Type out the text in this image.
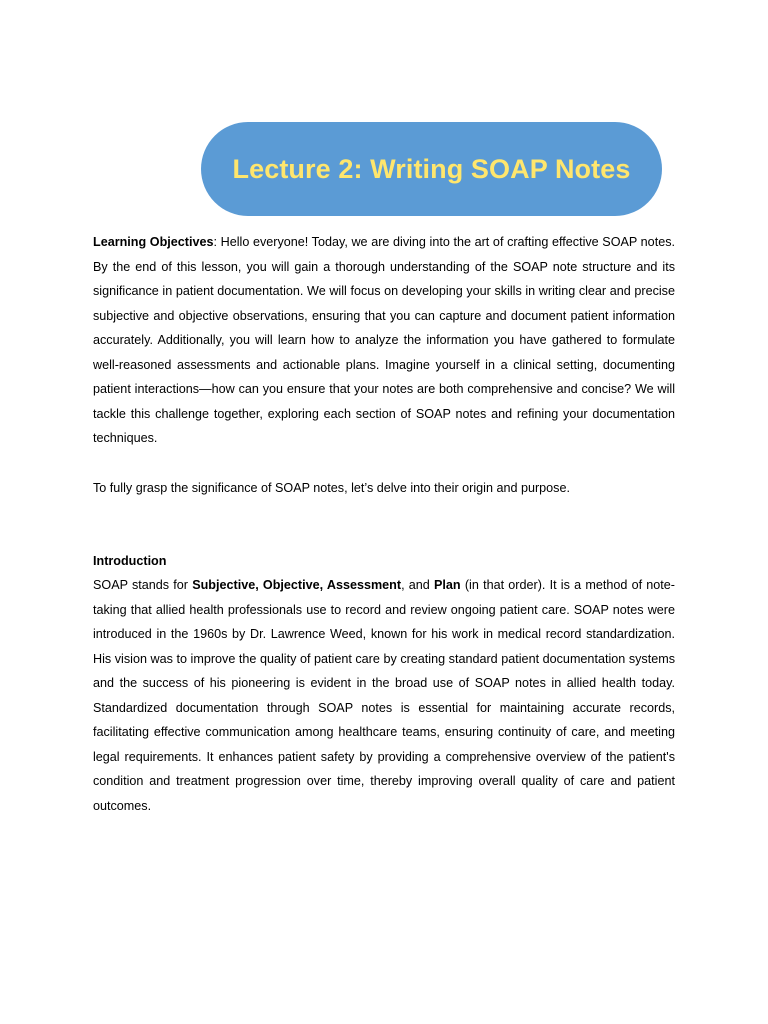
Lecture 2: Writing SOAP Notes

Learning Objectives: Hello everyone! Today, we are diving into the art of crafting effective SOAP notes. By the end of this lesson, you will gain a thorough understanding of the SOAP note structure and its significance in patient documentation. We will focus on developing your skills in writing clear and precise subjective and objective observations, ensuring that you can capture and document patient information accurately. Additionally, you will learn how to analyze the information you have gathered to formulate well-reasoned assessments and actionable plans. Imagine yourself in a clinical setting, documenting patient interactions—how can you ensure that your notes are both comprehensive and concise? We will tackle this challenge together, exploring each section of SOAP notes and refining your documentation techniques.

To fully grasp the significance of SOAP notes, let’s delve into their origin and purpose.

Introduction

SOAP stands for Subjective, Objective, Assessment, and Plan (in that order). It is a method of note-taking that allied health professionals use to record and review ongoing patient care. SOAP notes were introduced in the 1960s by Dr. Lawrence Weed, known for his work in medical record standardization. His vision was to improve the quality of patient care by creating standard patient documentation systems and the success of his pioneering is evident in the broad use of SOAP notes in allied health today. Standardized documentation through SOAP notes is essential for maintaining accurate records, facilitating effective communication among healthcare teams, ensuring continuity of care, and meeting legal requirements. It enhances patient safety by providing a comprehensive overview of the patient's condition and treatment progression over time, thereby improving overall quality of care and patient outcomes.
